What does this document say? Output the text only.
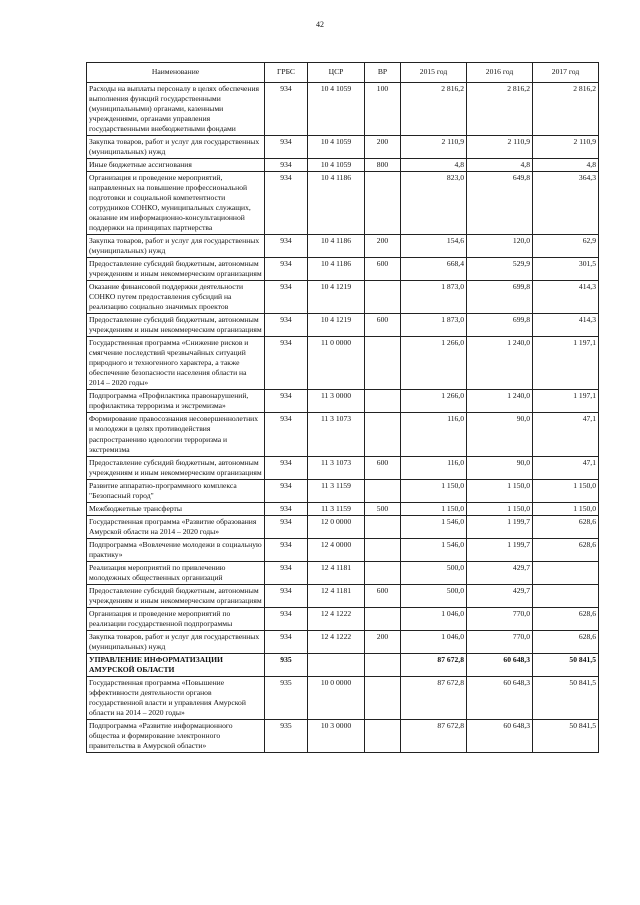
42
Наименование	ГРБС	ЦСР	ВР	2015 год	2016 год	2017 год
Расходы на выплаты персоналу в целях обеспечения выполнения функций государственными (муниципальными) органами, казенными учреждениями, органами управления государственными внебюджетными фондами	934	10 4 1059	100	2 816,2	2 816,2	2 816,2
Закупка товаров, работ и услуг для государственных (муниципальных) нужд	934	10 4 1059	200	2 110,9	2 110,9	2 110,9
Иные бюджетные ассигнования	934	10 4 1059	800	4,8	4,8	4,8
Организация и проведение мероприятий, направленных на повышение профессиональной подготовки и социальной компетентности сотрудников СОНКО, муниципальных служащих, оказание им информационно-консультационной поддержки на принципах партнерства	934	10 4 1186		823,0	649,8	364,3
Закупка товаров, работ и услуг для государственных (муниципальных) нужд	934	10 4 1186	200	154,6	120,0	62,9
Предоставление субсидий бюджетным, автономным учреждениям и иным некоммерческим организациям	934	10 4 1186	600	668,4	529,9	301,5
Оказание финансовой поддержки деятельности СОНКО путем предоставления субсидий на реализацию социально значимых проектов	934	10 4 1219		1 873,0	699,8	414,3
Предоставление субсидий бюджетным, автономным учреждениям и иным некоммерческим организациям	934	10 4 1219	600	1 873,0	699,8	414,3
Государственная программа «Снижение рисков и смягчение последствий чрезвычайных ситуаций природного и техногенного характера, а также обеспечение безопасности населения области на 2014 – 2020 годы»	934	11 0 0000		1 266,0	1 240,0	1 197,1
Подпрограмма «Профилактика правонарушений, профилактика терроризма и экстремизма»	934	11 3 0000		1 266,0	1 240,0	1 197,1
Формирование правосознания несовершеннолетних и молодежи в целях противодействия распространению идеологии терроризма и экстремизма	934	11 3 1073		116,0	90,0	47,1
Предоставление субсидий бюджетным, автономным учреждениям и иным некоммерческим организациям	934	11 3 1073	600	116,0	90,0	47,1
Развитие аппаратно-программного комплекса "Безопасный город"	934	11 3 1159		1 150,0	1 150,0	1 150,0
Межбюджетные трансферты	934	11 3 1159	500	1 150,0	1 150,0	1 150,0
Государственная программа «Развитие образования Амурской области на 2014 – 2020 годы»	934	12 0 0000		1 546,0	1 199,7	628,6
Подпрограмма «Вовлечение молодежи в социальную практику»	934	12 4 0000		1 546,0	1 199,7	628,6
Реализация мероприятий по привлечению молодежных общественных организаций	934	12 4 1181		500,0	429,7	
Предоставление субсидий бюджетным, автономным учреждениям и иным некоммерческим организациям	934	12 4 1181	600	500,0	429,7	
Организация и проведение мероприятий по реализации государственной подпрограммы	934	12 4 1222		1 046,0	770,0	628,6
Закупка товаров, работ и услуг для государственных (муниципальных) нужд	934	12 4 1222	200	1 046,0	770,0	628,6
УПРАВЛЕНИЕ ИНФОРМАТИЗАЦИИ АМУРСКОЙ ОБЛАСТИ	935			87 672,8	60 648,3	50 841,5
Государственная программа «Повышение эффективности деятельности органов государственной власти и управления Амурской области на 2014 – 2020 годы»	935	10 0 0000		87 672,8	60 648,3	50 841,5
Подпрограмма «Развитие информационного общества и формирование электронного правительства в Амурской области»	935	10 3 0000		87 672,8	60 648,3	50 841,5
